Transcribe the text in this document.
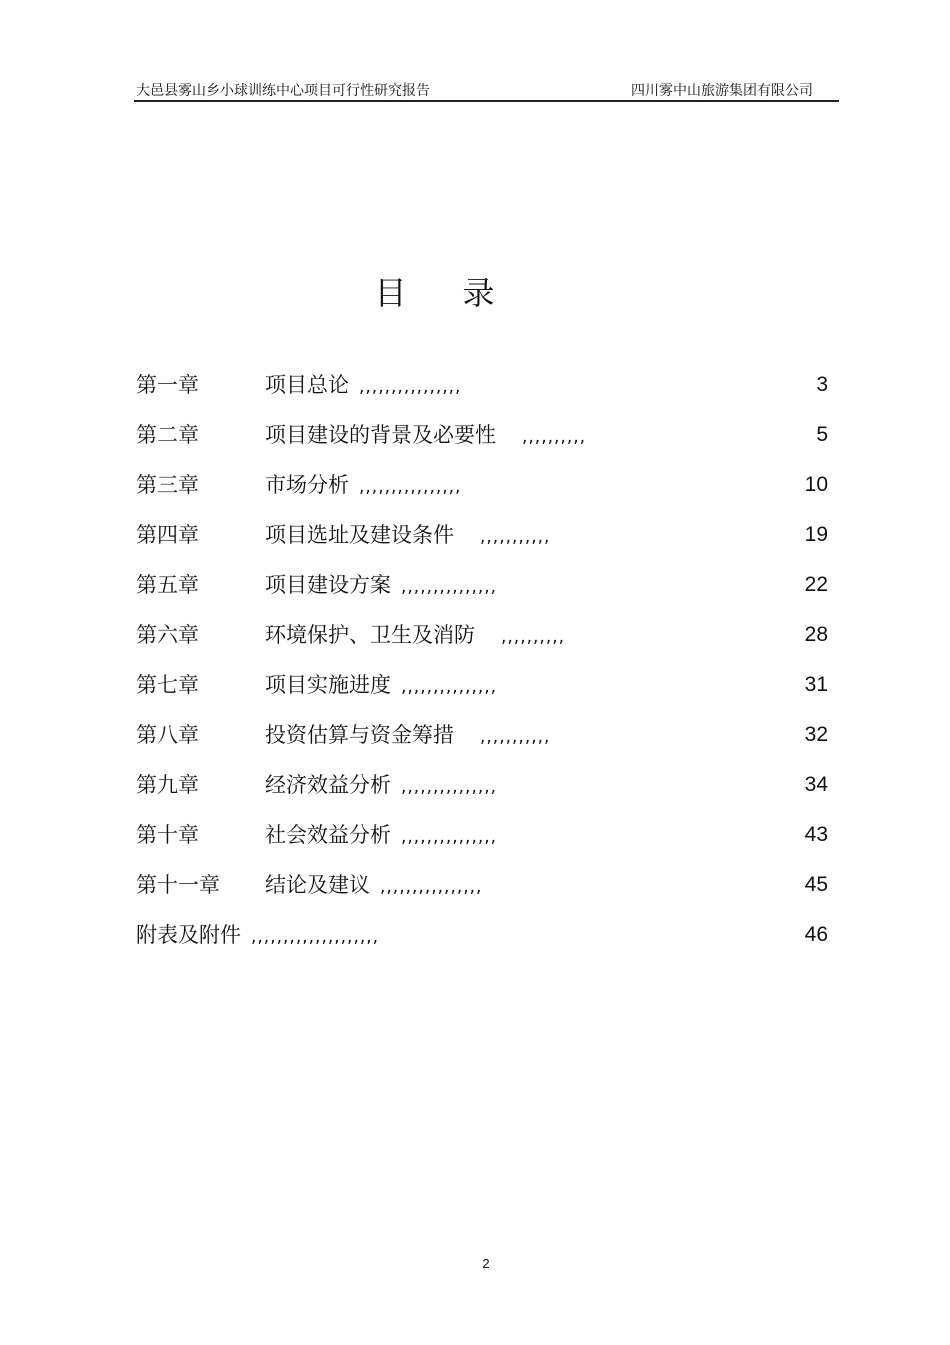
大邑县雾山乡小球训练中心项目可行性研究报告	四川雾中山旅游集团有限公司
目录
第一章	项目总论 ,,,,,,,,,,,,,,,,	3
第二章	项目建设的背景及必要性 ,,,,,,,,,,	5
第三章	市场分析 ,,,,,,,,,,,,,,,,	10
第四章	项目选址及建设条件 ,,,,,,,,,,,	19
第五章	项目建设方案 ,,,,,,,,,,,,,,,	22
第六章	环境保护、卫生及消防 ,,,,,,,,,,	28
第七章	项目实施进度 ,,,,,,,,,,,,,,,	31
第八章	投资估算与资金筹措 ,,,,,,,,,,,	32
第九章	经济效益分析 ,,,,,,,,,,,,,,,	34
第十章	社会效益分析 ,,,,,,,,,,,,,,,	43
第十一章 结论及建议 ,,,,,,,,,,,,,,,,	45
附表及附件 ,,,,,,,,,,,,,,,,,,,,	46
2
